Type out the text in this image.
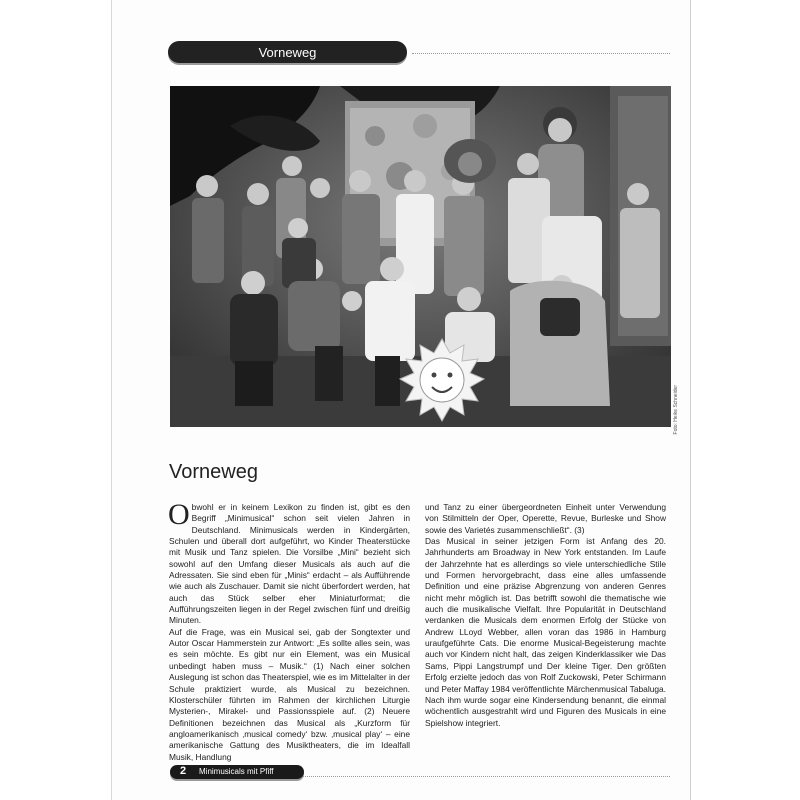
Vorneweg
Foto: Heike Schneider
Vorneweg
O bwohl er in keinem Lexikon zu finden ist, gibt es den Begriff „Minimusical“ schon seit vielen Jahren in Deutschland. Minimusicals werden in Kindergärten, Schulen und überall dort aufgeführt, wo Kinder Theaterstücke mit Musik und Tanz spielen. Die Vorsilbe „Mini“ bezieht sich sowohl auf den Umfang dieser Musicals als auch auf die Adressaten. Sie sind eben für „Minis“ erdacht – als Aufführende wie auch als Zuschauer. Damit sie nicht überfordert werden, hat auch das Stück selber eher Miniaturformat; die Aufführungszeiten liegen in der Regel zwischen fünf und dreißig Minuten.

Auf die Frage, was ein Musical sei, gab der Songtexter und Autor Oscar Hammerstein zur Antwort: „Es sollte alles sein, was es sein möchte. Es gibt nur ein Element, was ein Musical unbedingt haben muss – Musik.“ (1) Nach einer solchen Auslegung ist schon das Theaterspiel, wie es im Mittelalter in der Schule praktiziert wurde, als Musical zu bezeichnen. Klosterschüler führten im Rahmen der kirchlichen Liturgie Mysterien-, Mirakel- und Passionsspiele auf. (2) Neuere Definitionen bezeichnen das Musical als „Kurzform für angloamerikanisch ‚musical comedy‘ bzw. ‚musical play‘ – eine amerikanische Gattung des Musiktheaters, die im Idealfall Musik, Handlung

und Tanz zu einer übergeordneten Einheit unter Verwendung von Stilmitteln der Oper, Operette, Revue, Burleske und Show sowie des Varietés zusammenschließt“. (3)

Das Musical in seiner jetzigen Form ist Anfang des 20. Jahrhunderts am Broadway in New York entstanden. Im Laufe der Jahrzehnte hat es allerdings so viele unterschiedliche Stile und Formen hervorgebracht, dass eine alles umfassende Definition und eine präzise Abgrenzung von anderen Genres nicht mehr möglich ist. Das betrifft sowohl die thematische wie auch die musikalische Vielfalt. Ihre Popularität in Deutschland verdanken die Musicals dem enormen Erfolg der Stücke von Andrew LLoyd Webber, allen voran das 1986 in Hamburg uraufgeführte Cats. Die enorme Musical-Begeisterung machte auch vor Kindern nicht halt, das zeigen Kinderklassiker wie Das Sams, Pippi Langstrumpf und Der kleine Tiger. Den größten Erfolg erzielte jedoch das von Rolf Zuckowski, Peter Schirmann und Peter Maffay 1984 veröffentlichte Märchenmusical Tabaluga. Nach ihm wurde sogar eine Kindersendung benannt, die einmal wöchentlich ausgestrahlt wird und Figuren des Musicals in eine Spielshow integriert.

2 Minimusicals mit Pfiff
